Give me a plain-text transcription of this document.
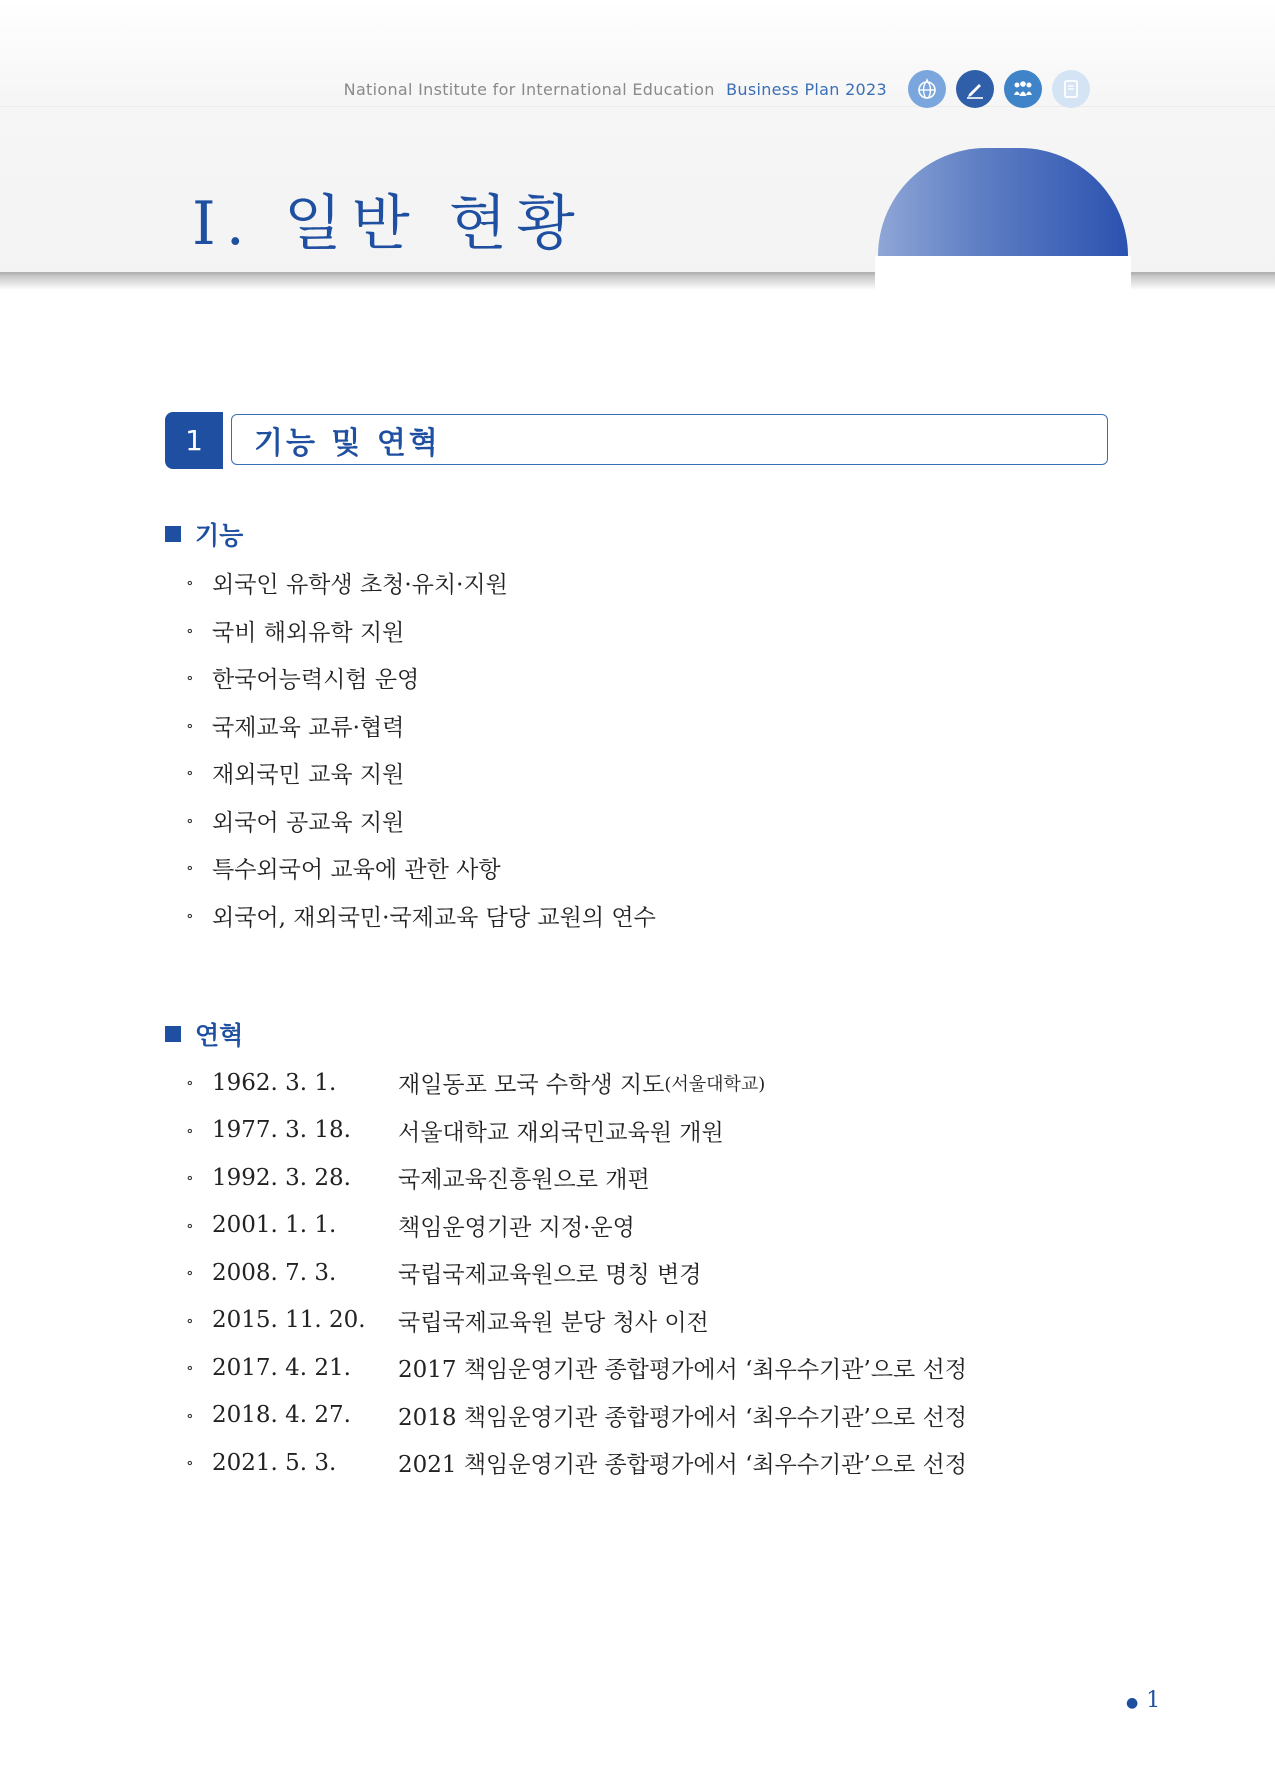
National Institute for International Education Business Plan 2023
Ⅰ. 일반 현황
1	기능 및 연혁
기능
∘ 외국인 유학생 초청·유치·지원
∘ 국비 해외유학 지원
∘ 한국어능력시험 운영
∘ 국제교육 교류·협력
∘ 재외국민 교육 지원
∘ 외국어 공교육 지원
∘ 특수외국어 교육에 관한 사항
∘ 외국어, 재외국민·국제교육 담당 교원의 연수
연혁
∘ 1962. 3. 1.	재일동포 모국 수학생 지도 (서울대학교)
∘ 1977. 3. 18.	서울대학교 재외국민교육원 개원
∘ 1992. 3. 28.	국제교육진흥원으로 개편
∘ 2001. 1. 1.	책임운영기관 지정·운영
∘ 2008. 7. 3.	국립국제교육원으로 명칭 변경
∘ 2015. 11. 20.	국립국제교육원 분당 청사 이전
∘ 2017. 4. 21.	2017 책임운영기관 종합평가에서 ‘최우수기관’으로 선정
∘ 2018. 4. 27.	2018 책임운영기관 종합평가에서 ‘최우수기관’으로 선정
∘ 2021. 5. 3.	2021 책임운영기관 종합평가에서 ‘최우수기관’으로 선정
● 1
